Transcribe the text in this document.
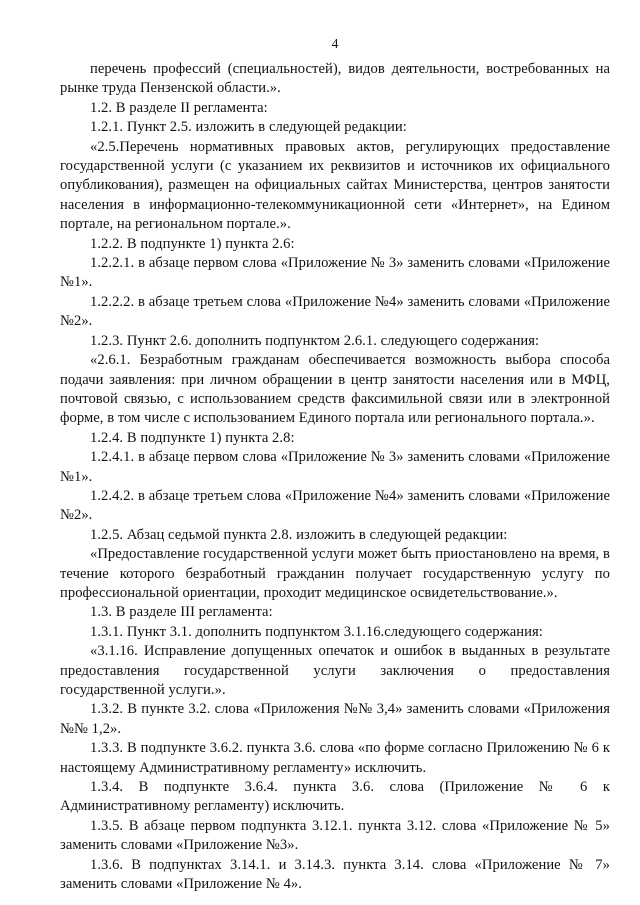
4

перечень профессий (специальностей), видов деятельности, востребованных на рынке труда Пензенской области.».

1.2. В разделе II регламента:

1.2.1. Пункт 2.5. изложить в следующей редакции:

«2.5.Перечень нормативных правовых актов, регулирующих предоставление государственной услуги (с указанием их реквизитов и источников их официального опубликования), размещен на официальных сайтах Министерства, центров занятости населения в информационно-телекоммуникационной сети «Интернет», на Едином портале, на региональном портале.».

1.2.2. В подпункте 1) пункта 2.6:

1.2.2.1. в абзаце первом слова «Приложение № 3» заменить словами «Приложение №1».

1.2.2.2. в абзаце третьем слова «Приложение №4» заменить словами «Приложение №2».

1.2.3. Пункт 2.6. дополнить подпунктом 2.6.1. следующего содержания:

«2.6.1. Безработным гражданам обеспечивается возможность выбора способа подачи заявления: при личном обращении в центр занятости населения или в МФЦ, почтовой связью, с использованием средств факсимильной связи или в электронной форме, в том числе с использованием Единого портала или регионального портала.».

1.2.4. В подпункте 1) пункта 2.8:

1.2.4.1. в абзаце первом слова «Приложение № 3» заменить словами «Приложение №1».

1.2.4.2. в абзаце третьем слова «Приложение №4» заменить словами «Приложение №2».

1.2.5. Абзац седьмой пункта 2.8. изложить в следующей редакции:

«Предоставление государственной услуги может быть приостановлено на время, в течение которого безработный гражданин получает государственную услугу по профессиональной ориентации, проходит медицинское освидетельствование.».

1.3. В разделе III регламента:

1.3.1. Пункт 3.1. дополнить подпунктом 3.1.16.следующего содержания:

«3.1.16. Исправление допущенных опечаток и ошибок в выданных в результате предоставления государственной услуги заключения о предоставления государственной услуги.».

1.3.2. В пункте 3.2. слова «Приложения №№ 3,4» заменить словами «Приложения №№ 1,2».

1.3.3. В подпункте 3.6.2. пункта 3.6. слова «по форме согласно Приложению № 6 к настоящему Административному регламенту» исключить.

1.3.4. В подпункте 3.6.4. пункта 3.6. слова (Приложение № 6 к Административному регламенту) исключить.

1.3.5. В абзаце первом подпункта 3.12.1. пункта 3.12. слова «Приложение № 5» заменить словами «Приложение №3».

1.3.6. В подпунктах 3.14.1. и 3.14.3. пункта 3.14. слова «Приложение № 7» заменить словами «Приложение № 4».
